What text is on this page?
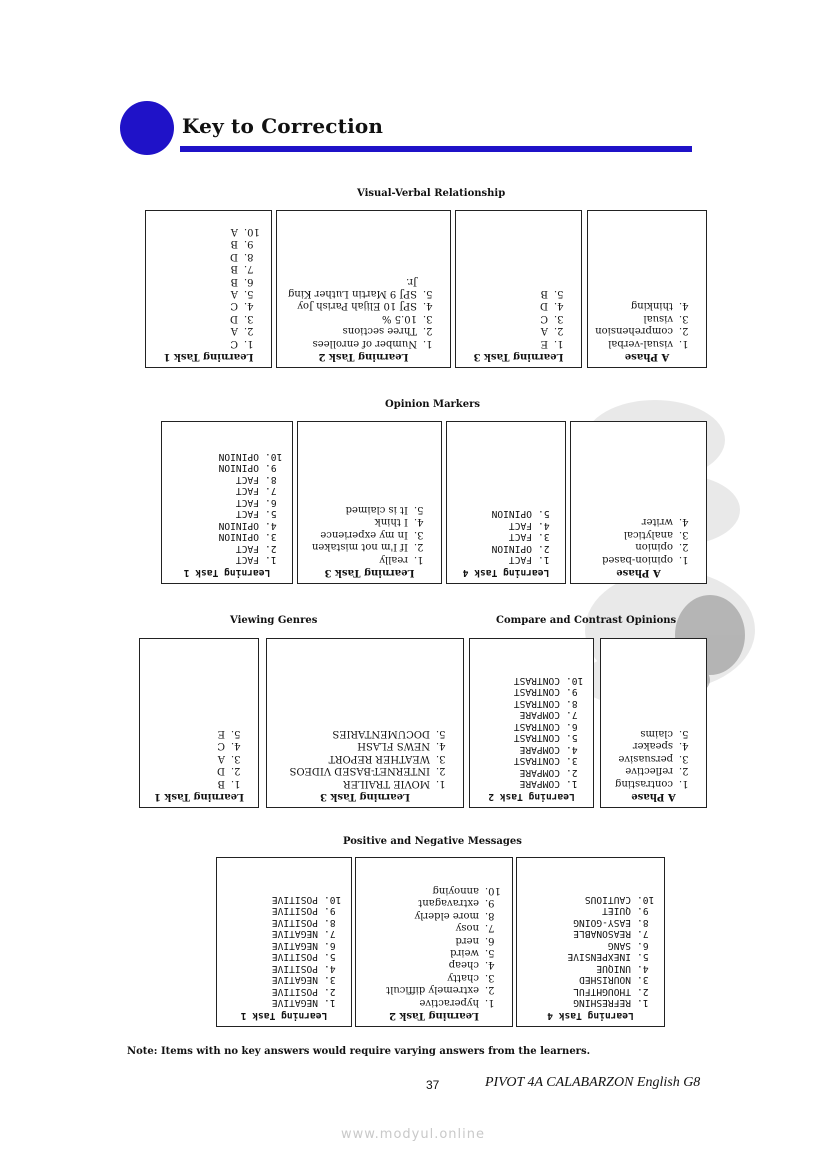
Key to Correction
Visual-Verbal Relationship
A Phase
1.
visual-verbal
2.
comprehension
3.
visual
4.
thinking
Learning Task 3
1.
E
2.
A
3.
C
4.
D
5.
B
Learning Task 2
1.
Number of enrollees
2.
Three sections
3.
10.5 %
4.
SPJ 10 Elijah Parish Joy
5.
SPJ 9 Martin Luther King Jr.
Learning Task 1
1.
C
2.
A
3.
D
4.
C
5.
A
6.
B
7.
B
8.
D
9.
B
10.
A
Opinion Markers
A Phase
1.
opinion-based
2.
opinion
3.
analytical
4.
writer
Learning Task 4
1.
FACT
2.
OPINION
3.
FACT
4.
FACT
5.
OPINION
Learning Task 3
1.
really
2.
If I'm not mistaken
3.
In my experience
4.
I think
5.
It is claimed
Learning Task 1
1.
FACT
2.
FACT
3.
OPINION
4.
OPINION
5.
FACT
6.
FACT
7.
FACT
8.
FACT
9.
OPINION
10.
OPINION
Viewing Genres	Compare and Contrast Opinions
Learning Task 3
1.
MOVIE TRAILER
2.
INTERNET-BASED VIDEOS
3.
WEATHER REPORT
4.
NEWS FLASH
5.
DOCUMENTARIES
Learning Task 1
1.
B
2.
D
3.
A
4.
C
5.
E
A Phase
1.
contrasting
2.
reflective
3.
persuasive
4.
speaker
5.
claims
Learning Task 2
1.
COMPARE
2.
COMPARE
3.
CONTRAST
4.
COMPARE
5.
CONTRAST
6.
CONTRAST
7.
COMPARE
8.
CONTRAST
9.
CONTRAST
10.
CONTRAST
Positive and Negative Messages
Learning Task 4
1.
REFRESHING
2.
THOUGHTFUL
3.
NOURISHED
4.
UNIQUE
5.
INEXPENSIVE
6.
SANG
7.
REASONABLE
8.
EASY-GOING
9.
QUIET
10.
CAUTIOUS
Learning Task 2
1.
hyperactive
2.
extremely difficult
3.
chatty
4.
cheap
5.
weird
6.
nerd
7.
nosy
8.
more elderly
9.
extravagant
10.
annoying
Learning Task 1
1.
NEGATIVE
2.
POSITIVE
3.
NEGATIVE
4.
POSITIVE
5.
POSITIVE
6.
NEGATIVE
7.
NEGATIVE
8.
POSITIVE
9.
POSITIVE
10.
POSITIVE
Note: Items with no key answers would require varying answers from the learners.
37	PIVOT 4A CALABARZON English G8
www.modyul.online
